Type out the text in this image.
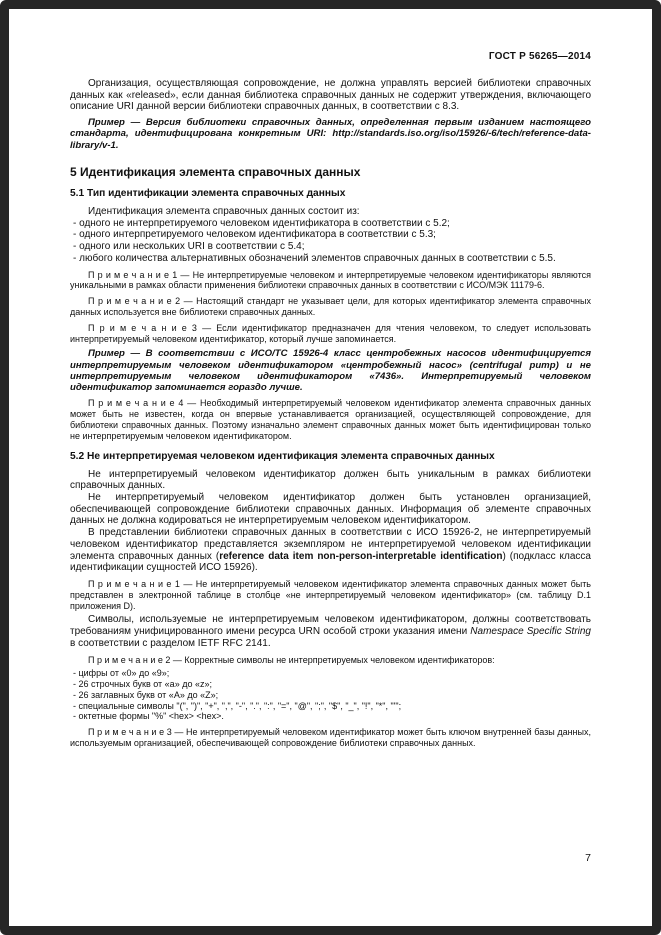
ГОСТ Р 56265—2014
Организация, осуществляющая сопровождение, не должна управлять версией библиотеки справочных данных как «released», если данная библиотека справочных данных не содержит утверждения, включающего описание URI данной версии библиотеки справочных данных, в соответствии с 8.3.
Пример — Версия библиотеки справочных данных, определенная первым изданием настоящего стандарта, идентифицирована конкретным URI: http://standards.iso.org/iso/15926/-6/tech/reference-data-library/v-1.
5 Идентификация элемента справочных данных
5.1 Тип идентификации элемента справочных данных
Идентификация элемента справочных данных состоит из:
- одного не интерпретируемого человеком идентификатора в соответствии с 5.2;
- одного интерпретируемого человеком идентификатора в соответствии с 5.3;
- одного или нескольких URI в соответствии с 5.4;
- любого количества альтернативных обозначений элементов справочных данных в соответствии с 5.5.
П р и м е ч а н и е 1 — Не интерпретируемые человеком и интерпретируемые человеком идентификаторы являются уникальными в рамках области применения библиотеки справочных данных в соответствии с ИСО/МЭК 11179-6.
П р и м е ч а н и е 2 — Настоящий стандарт не указывает цели, для которых идентификатор элемента справочных данных используется вне библиотеки справочных данных.
П р и м е ч а н и е 3 — Если идентификатор предназначен для чтения человеком, то следует использовать интерпретируемый человеком идентификатор, который лучше запоминается.
Пример — В соответствии с ИСО/ТС 15926-4 класс центробежных насосов идентифицируется интерпретируемым человеком идентификатором «центробежный насос» (centrifugal pump) и не интерпретируемым человеком идентификатором «7436». Интерпретируемый человеком идентификатор запоминается гораздо лучше.
П р и м е ч а н и е 4 — Необходимый интерпретируемый человеком идентификатор элемента справочных данных может быть не известен, когда он впервые устанавливается организацией, осуществляющей сопровождение, для библиотеки справочных данных. Поэтому изначально элемент справочных данных может быть идентифицирован только не интерпретируемым человеком идентификатором.
5.2 Не интерпретируемая человеком идентификация элемента справочных данных
Не интерпретируемый человеком идентификатор должен быть уникальным в рамках библиотеки справочных данных.
Не интерпретируемый человеком идентификатор должен быть установлен организацией, обеспечивающей сопровождение библиотеки справочных данных. Информация об элементе справочных данных не должна кодироваться не интерпретируемым человеком идентификатором.
В представлении библиотеки справочных данных в соответствии с ИСО 15926-2, не интерпретируемый человеком идентификатор представляется экземпляром не интерпретируемой человеком идентификации элемента справочных данных (reference data item non-person-interpretable identification) (подкласс класса идентификации сущностей ИСО 15926).
П р и м е ч а н и е 1 — Не интерпретируемый человеком идентификатор элемента справочных данных может быть представлен в электронной таблице в столбце «не интерпретируемый человеком идентификатор» (см. таблицу D.1 приложения D).
Символы, используемые не интерпретируемым человеком идентификатором, должны соответствовать требованиям унифицированного имени ресурса URN особой строки указания имени Namespace Specific String в соответствии с разделом IETF RFC 2141.
П р и м е ч а н и е 2 — Корректные символы не интерпретируемых человеком идентификаторов:
- цифры от «0» до «9»;
- 26 строчных букв от «a» до «z»;
- 26 заглавных букв от «A» до «Z»;
- специальные символы "(", ")", "+", ",", "-", ".", ":", "=", "@", ";", "$", "_", "!", "*", "'";
- октетные формы "%" <hex> <hex>.
П р и м е ч а н и е 3 — Не интерпретируемый человеком идентификатор может быть ключом внутренней базы данных, используемым организацией, обеспечивающей сопровождение библиотеки справочных данных.
7
